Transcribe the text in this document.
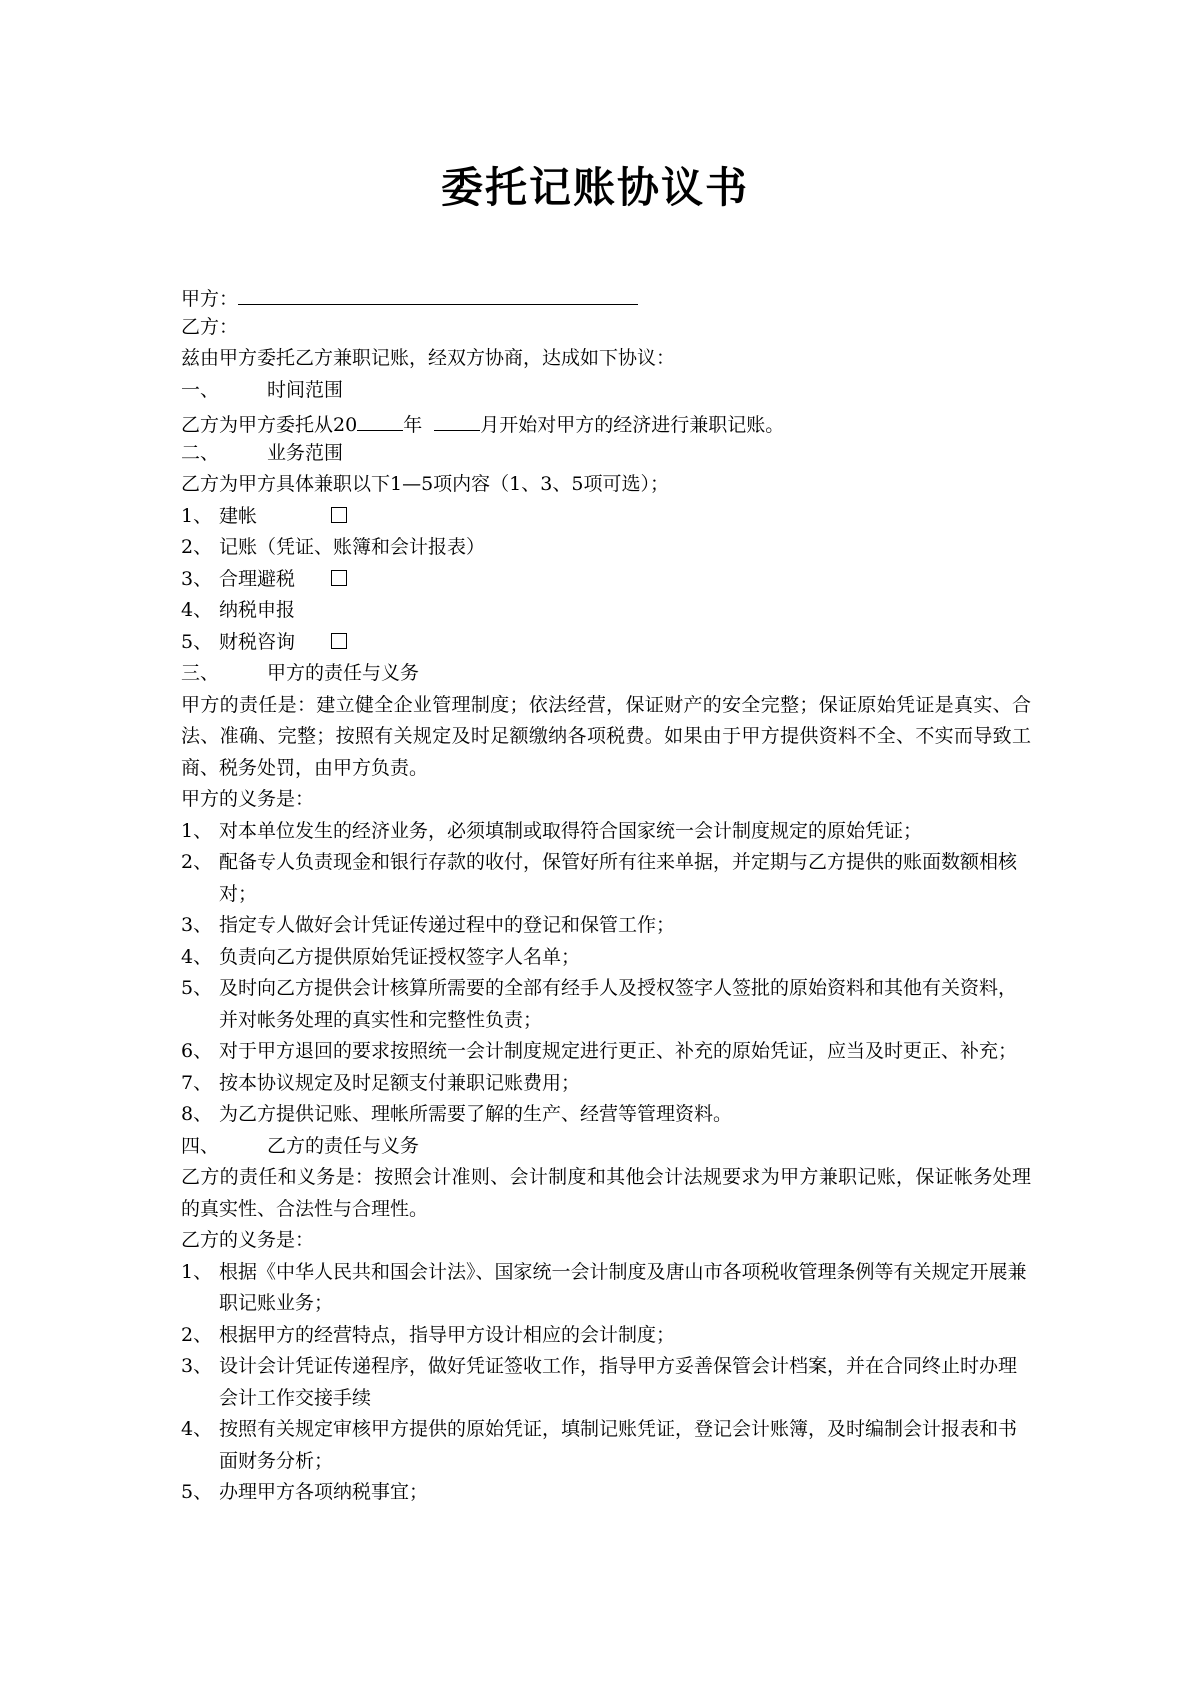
委托记账协议书
甲方：
乙方：
兹由甲方委托乙方兼职记账，经双方协商，达成如下协议：
一、	时间范围
乙方为甲方委托从20 年	月开始对甲方的经济进行兼职记账。
二、	业务范围
乙方为甲方具体兼职以下1—5项内容（1、3、5项可选）；
1、 建帐
2、 记账（凭证、账簿和会计报表）
3、 合理避税
4、 纳税申报
5、 财税咨询
三、	甲方的责任与义务
甲方的责任是：建立健全企业管理制度；依法经营，保证财产的安全完整；保证原始凭证是真实、合法、准确、完整；按照有关规定及时足额缴纳各项税费。如果由于甲方提供资料不全、不实而导致工商、税务处罚，由甲方负责。
甲方的义务是：
1、 对本单位发生的经济业务，必须填制或取得符合国家统一会计制度规定的原始凭证；
2、 配备专人负责现金和银行存款的收付，保管好所有往来单据，并定期与乙方提供的账面数额相核对；
3、 指定专人做好会计凭证传递过程中的登记和保管工作；
4、 负责向乙方提供原始凭证授权签字人名单；
5、 及时向乙方提供会计核算所需要的全部有经手人及授权签字人签批的原始资料和其他有关资料，并对帐务处理的真实性和完整性负责；
6、 对于甲方退回的要求按照统一会计制度规定进行更正、补充的原始凭证，应当及时更正、补充；
7、 按本协议规定及时足额支付兼职记账费用；
8、 为乙方提供记账、理帐所需要了解的生产、经营等管理资料。
四、	乙方的责任与义务
乙方的责任和义务是：按照会计准则、会计制度和其他会计法规要求为甲方兼职记账，保证帐务处理的真实性、合法性与合理性。
乙方的义务是：
1、 根据《中华人民共和国会计法》、国家统一会计制度及唐山市各项税收管理条例等有关规定开展兼职记账业务；
2、 根据甲方的经营特点，指导甲方设计相应的会计制度；
3、 设计会计凭证传递程序，做好凭证签收工作，指导甲方妥善保管会计档案，并在合同终止时办理会计工作交接手续
4、 按照有关规定审核甲方提供的原始凭证，填制记账凭证，登记会计账簿，及时编制会计报表和书面财务分析；
5、 办理甲方各项纳税事宜；
